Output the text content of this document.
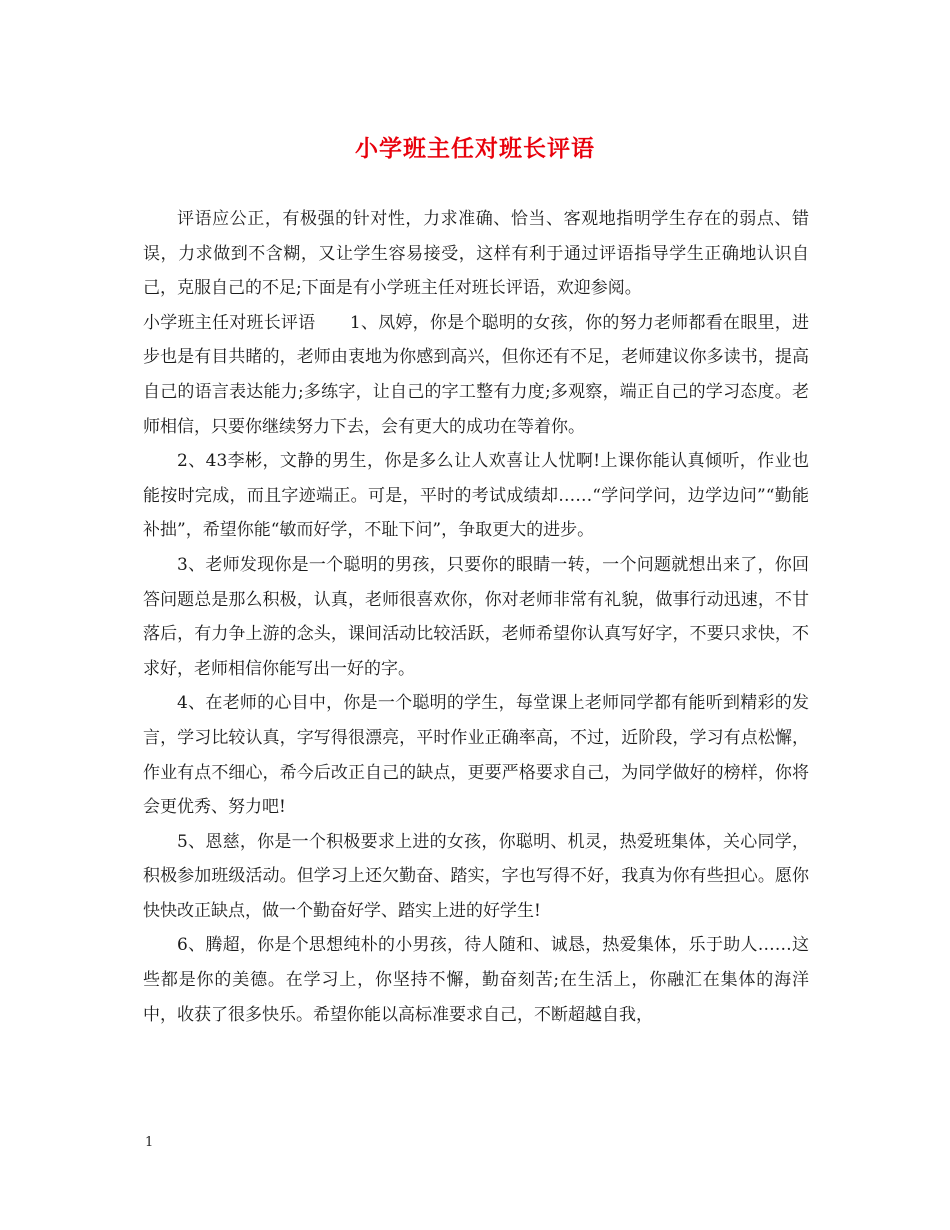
小学班主任对班长评语

评语应公正，有极强的针对性，力求准确、恰当、客观地指明学生存在的弱点、错误，力求做到不含糊，又让学生容易接受，这样有利于通过评语指导学生正确地认识自己，克服自己的不足;下面是有小学班主任对班长评语，欢迎参阅。

小学班主任对班长评语　　1、凤婷，你是个聪明的女孩，你的努力老师都看在眼里，进步也是有目共睹的，老师由衷地为你感到高兴，但你还有不足，老师建议你多读书，提高自己的语言表达能力;多练字，让自己的字工整有力度;多观察，端正自己的学习态度。老师相信，只要你继续努力下去，会有更大的成功在等着你。

2、43李彬，文静的男生，你是多么让人欢喜让人忧啊!上课你能认真倾听，作业也能按时完成，而且字迹端正。可是，平时的考试成绩却……“学问学问，边学边问”“勤能补拙”，希望你能“敏而好学，不耻下问”，争取更大的进步。

3、老师发现你是一个聪明的男孩，只要你的眼睛一转，一个问题就想出来了，你回答问题总是那么积极，认真，老师很喜欢你，你对老师非常有礼貌，做事行动迅速，不甘落后，有力争上游的念头，课间活动比较活跃，老师希望你认真写好字，不要只求快，不求好，老师相信你能写出一好的字。

4、在老师的心目中，你是一个聪明的学生，每堂课上老师同学都有能听到精彩的发言，学习比较认真，字写得很漂亮，平时作业正确率高，不过，近阶段，学习有点松懈，作业有点不细心，希今后改正自己的缺点，更要严格要求自己，为同学做好的榜样，你将会更优秀、努力吧!

5、恩慈，你是一个积极要求上进的女孩，你聪明、机灵，热爱班集体，关心同学，积极参加班级活动。但学习上还欠勤奋、踏实，字也写得不好，我真为你有些担心。愿你快快改正缺点，做一个勤奋好学、踏实上进的好学生!

6、腾超，你是个思想纯朴的小男孩，待人随和、诚恳，热爱集体，乐于助人……这些都是你的美德。在学习上，你坚持不懈，勤奋刻苦;在生活上，你融汇在集体的海洋中，收获了很多快乐。希望你能以高标准要求自己，不断超越自我，

1
